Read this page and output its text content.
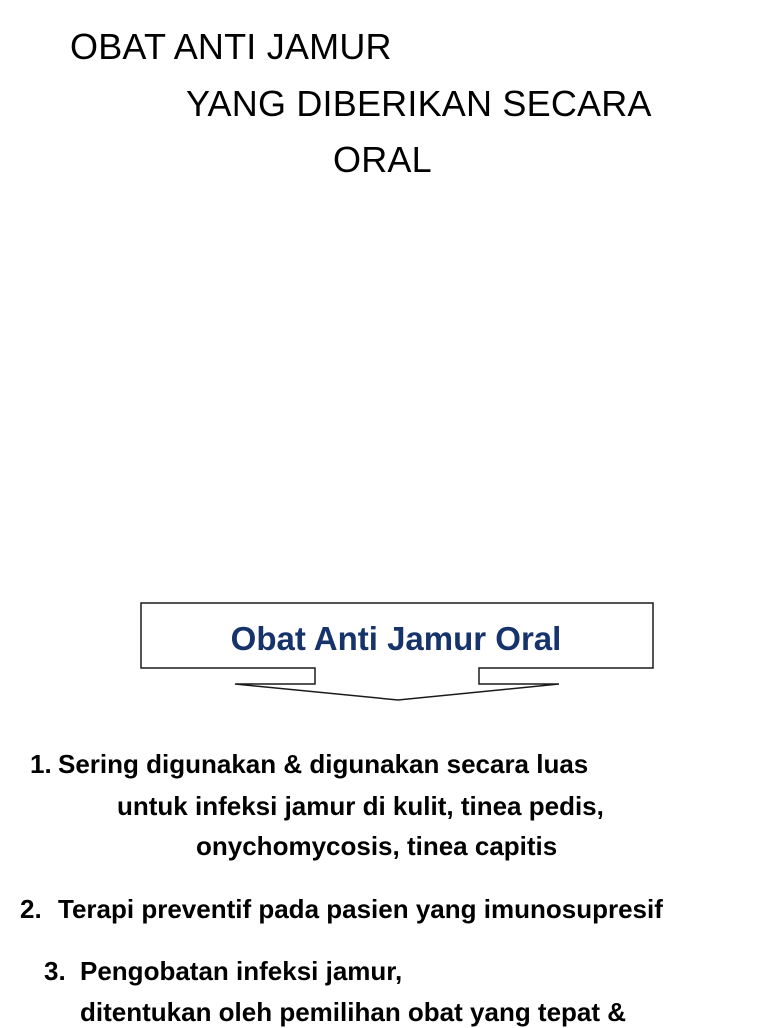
OBAT ANTI JAMUR
YANG DIBERIKAN SECARA
ORAL
Obat Anti Jamur Oral
1. Sering digunakan & digunakan secara luas
untuk infeksi jamur di kulit, tinea pedis,
onychomycosis, tinea capitis
2. Terapi preventif pada pasien yang imunosupresif
3. Pengobatan infeksi jamur,
ditentukan oleh pemilihan obat yang tepat &
